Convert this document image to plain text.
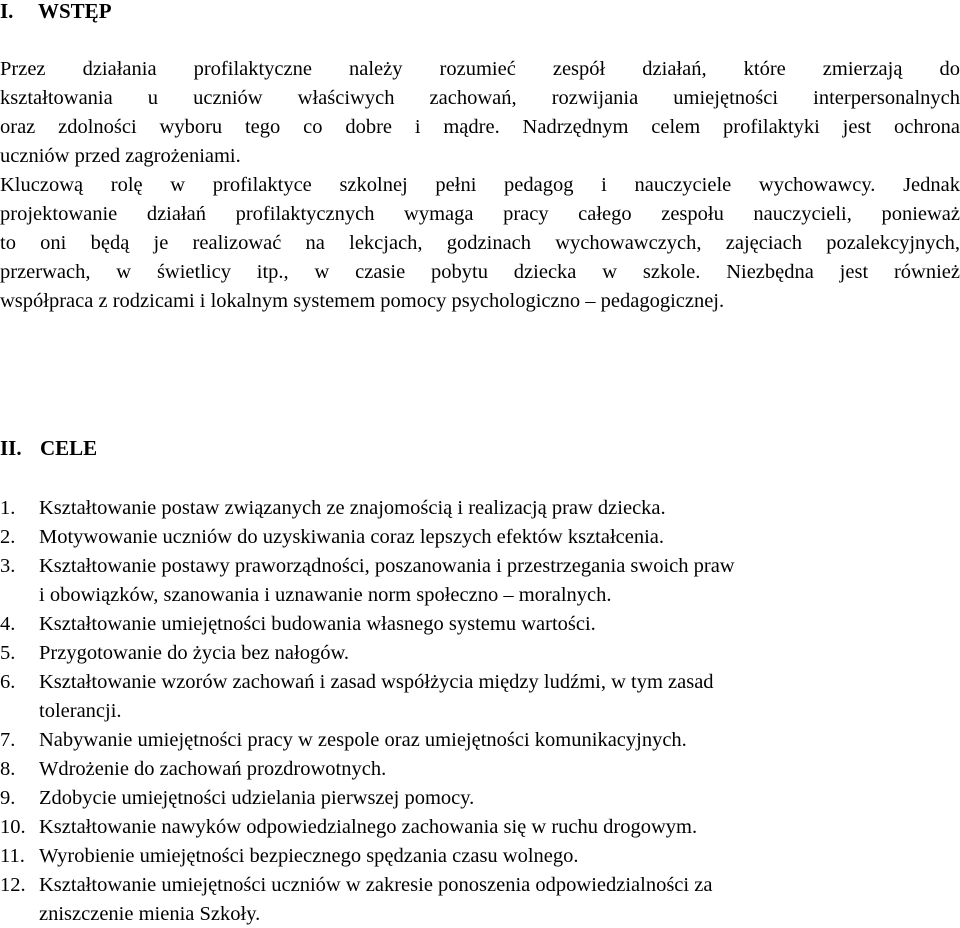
I. WSTĘP
Przez działania profilaktyczne należy rozumieć zespół działań, które zmierzają do
kształtowania u uczniów właściwych zachowań, rozwijania umiejętności interpersonalnych
oraz zdolności wyboru tego co dobre i mądre. Nadrzędnym celem profilaktyki jest ochrona
uczniów przed zagrożeniami.
Kluczową rolę w profilaktyce szkolnej pełni pedagog i nauczyciele wychowawcy. Jednak
projektowanie działań profilaktycznych wymaga pracy całego zespołu nauczycieli, ponieważ
to oni będą je realizować na lekcjach, godzinach wychowawczych, zajęciach pozalekcyjnych,
przerwach, w świetlicy itp., w czasie pobytu dziecka w szkole. Niezbędna jest również
współpraca z rodzicami i lokalnym systemem pomocy psychologiczno – pedagogicznej.
II. CELE
1. Kształtowanie postaw związanych ze znajomością i realizacją praw dziecka.
2. Motywowanie uczniów do uzyskiwania coraz lepszych efektów kształcenia.
3. Kształtowanie postawy praworządności, poszanowania i przestrzegania swoich praw
i obowiązków, szanowania i uznawanie norm społeczno – moralnych.
4. Kształtowanie umiejętności budowania własnego systemu wartości.
5. Przygotowanie do życia bez nałogów.
6. Kształtowanie wzorów zachowań i zasad współżycia między ludźmi, w tym zasad
tolerancji.
7. Nabywanie umiejętności pracy w zespole oraz umiejętności komunikacyjnych.
8. Wdrożenie do zachowań prozdrowotnych.
9. Zdobycie umiejętności udzielania pierwszej pomocy.
10. Kształtowanie nawyków odpowiedzialnego zachowania się w ruchu drogowym.
11. Wyrobienie umiejętności bezpiecznego spędzania czasu wolnego.
12. Kształtowanie umiejętności uczniów w zakresie ponoszenia odpowiedzialności za
zniszczenie mienia Szkoły.
